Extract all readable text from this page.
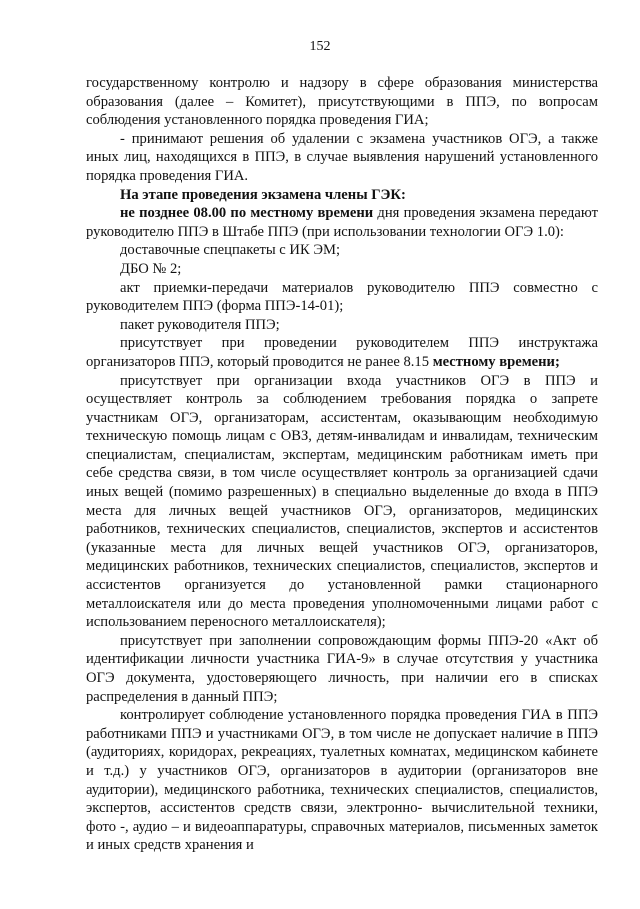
152

государственному контролю и надзору в сфере образования министерства образования (далее – Комитет), присутствующими в ППЭ, по вопросам соблюдения установленного порядка проведения ГИА;

- принимают решения об удалении с экзамена участников ОГЭ, а также иных лиц, находящихся в ППЭ, в случае выявления нарушений установленного порядка проведения ГИА.

На этапе проведения экзамена члены ГЭК:

не позднее 08.00 по местному времени дня проведения экзамена передают руководителю ППЭ в Штабе ППЭ (при использовании технологии ОГЭ 1.0):

доставочные спецпакеты с ИК ЭМ;

ДБО № 2;

акт приемки-передачи материалов руководителю ППЭ совместно с руководителем ППЭ (форма ППЭ-14-01);

пакет руководителя ППЭ;

присутствует при проведении руководителем ППЭ инструктажа организаторов ППЭ, который проводится не ранее 8.15 местному времени;

присутствует при организации входа участников ОГЭ в ППЭ и осуществляет контроль за соблюдением требования порядка о запрете участникам ОГЭ, организаторам, ассистентам, оказывающим необходимую техническую помощь лицам с ОВЗ, детям-инвалидам и инвалидам, техническим специалистам, специалистам, экспертам, медицинским работникам иметь при себе средства связи, в том числе осуществляет контроль за организацией сдачи иных вещей (помимо разрешенных) в специально выделенные до входа в ППЭ места для личных вещей участников ОГЭ, организаторов, медицинских работников, технических специалистов, специалистов, экспертов и ассистентов (указанные места для личных вещей участников ОГЭ, организаторов, медицинских работников, технических специалистов, специалистов, экспертов и ассистентов организуется до установленной рамки стационарного металлоискателя или до места проведения уполномоченными лицами работ с использованием переносного металлоискателя);

присутствует при заполнении сопровождающим формы ППЭ-20 «Акт об идентификации личности участника ГИА-9» в случае отсутствия у участника ОГЭ документа, удостоверяющего личность, при наличии его в списках распределения в данный ППЭ;

контролирует соблюдение установленного порядка проведения ГИА в ППЭ работниками ППЭ и участниками ОГЭ, в том числе не допускает наличие в ППЭ (аудиториях, коридорах, рекреациях, туалетных комнатах, медицинском кабинете и т.д.) у участников ОГЭ, организаторов в аудитории (организаторов вне аудитории), медицинского работника, технических специалистов, специалистов, экспертов, ассистентов средств связи, электронно- вычислительной техники, фото -, аудио – и видеоаппаратуры, справочных материалов, письменных заметок и иных средств хранения и
